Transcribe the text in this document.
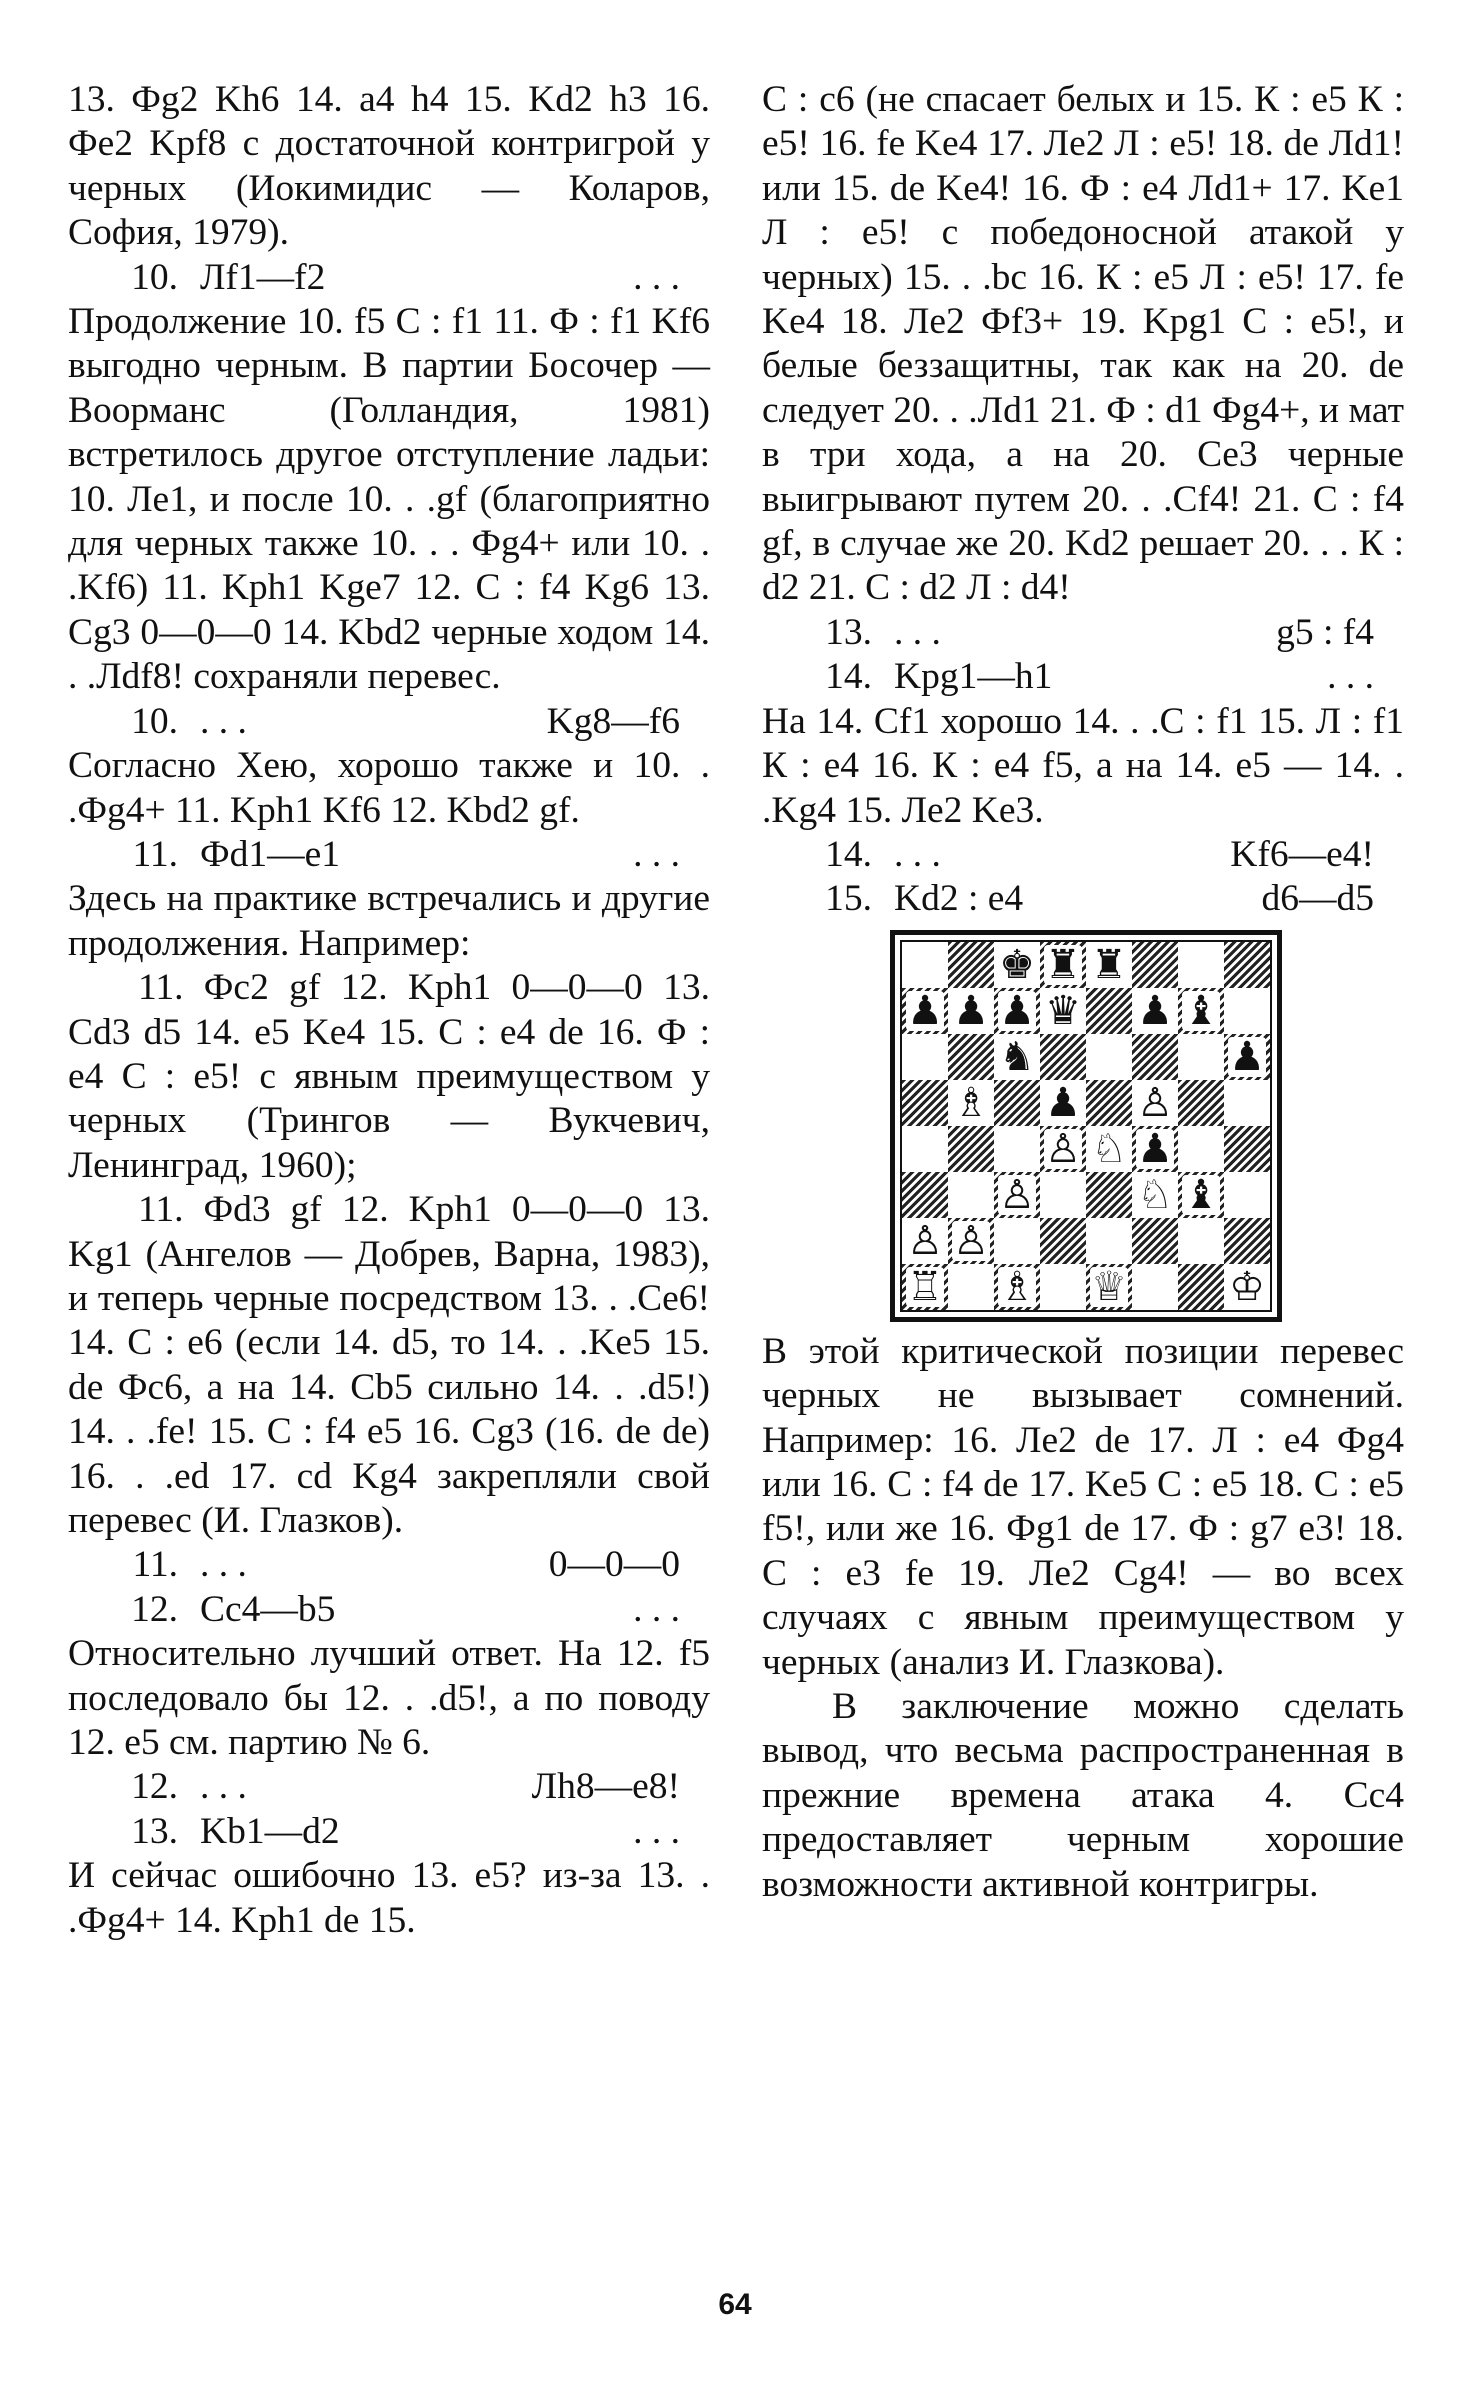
13. Фg2 Kh6 14. a4 h4 15. Kd2 h3 16. Фe2 Kpf8 с достаточной контригрой у черных (Иокимидис — Коларов, София, 1979).

10. Лf1—f2	. . .

Продолжение 10. f5 С : f1 11. Ф : f1 Kf6 выгодно черным. В партии Босочер — Воорманс (Голландия, 1981) встретилось другое отступление ладьи: 10. Лe1, и после 10. . .gf (благоприятно для черных также 10. . . Фg4+ или 10. . .Kf6) 11. Kph1 Kge7 12. С : f4 Kg6 13. Cg3 0—0—0 14. Kbd2 черные ходом 14. . .Лdf8! сохраняли перевес.

10. . . .	Kg8—f6

Согласно Хею, хорошо также и 10. . .Фg4+ 11. Kph1 Kf6 12. Kbd2 gf.

11. Фd1—e1	. . .

Здесь на практике встречались и другие продолжения. Например:

11. Фc2 gf 12. Kph1 0—0—0 13. Cd3 d5 14. e5 Ke4 15. С : e4 de 16. Ф : e4 С : e5! с явным преимуществом у черных (Трингов — Вукчевич, Ленинград, 1960);

11. Фd3 gf 12. Kph1 0—0—0 13. Kg1 (Ангелов — Добрев, Варна, 1983), и теперь черные посредством 13. . .Ce6! 14. С : e6 (если 14. d5, то 14. . .Ke5 15. de Фc6, а на 14. Cb5 сильно 14. . .d5!) 14. . .fe! 15. С : f4 e5 16. Cg3 (16. de de) 16. . .ed 17. cd Kg4 закрепляли свой перевес (И. Глазков).

11. . . .	0—0—0
12. Cc4—b5	. . .

Относительно лучший ответ. На 12. f5 последовало бы 12. . .d5!, а по поводу 12. e5 см. партию № 6.

12. . . .	Лh8—e8!
13. Kb1—d2	. . .

И сейчас ошибочно 13. e5? из-за 13. . .Фg4+ 14. Kph1 de 15.

С : c6 (не спасает белых и 15. К : e5 К : e5! 16. fe Ke4 17. Лe2 Л : e5! 18. de Лd1! или 15. de Ke4! 16. Ф : e4 Лd1+ 17. Ke1 Л : e5! с победоносной атакой у черных) 15. . .bc 16. К : e5 Л : e5! 17. fe Ke4 18. Лe2 Фf3+ 19. Kpg1 С : e5!, и белые беззащитны, так как на 20. de следует 20. . .Лd1 21. Ф : d1 Фg4+, и мат в три хода, а на 20. Ce3 черные выигрывают путем 20. . .Cf4! 21. С : f4 gf, в случае же 20. Kd2 решает 20. . . К : d2 21. С : d2 Л : d4!

13. . . .	g5 : f4
14. Kpg1—h1	. . .

На 14. Cf1 хорошо 14. . .С : f1 15. Л : f1 К : e4 16. К : e4 f5, а на 14. e5 — 14. . .Kg4 15. Лe2 Ke3.

14. . . .	Kf6—e4!
15. Kd2 : e4	d6—d5
♚ ♜ ♜
♟ ♟ ♟ ♛ ♟ ♝
♞	♟
♗ ♟ ♙
♙ ♘ ♟
♙	♘ ♝
♙ ♙
♖ ♗ ♕	♔

В этой критической позиции перевес черных не вызывает сомнений. Например: 16. Лe2 de 17. Л : e4 Фg4 или 16. С : f4 de 17. Ke5 С : e5 18. С : e5 f5!, или же 16. Фg1 de 17. Ф : g7 e3! 18. С : e3 fe 19. Лe2 Cg4! — во всех случаях с явным преимуществом у черных (анализ И. Глазкова).

В заключение можно сделать вывод, что весьма распространенная в прежние времена атака 4. Cc4 предоставляет черным хорошие возможности активной контригры.

64
